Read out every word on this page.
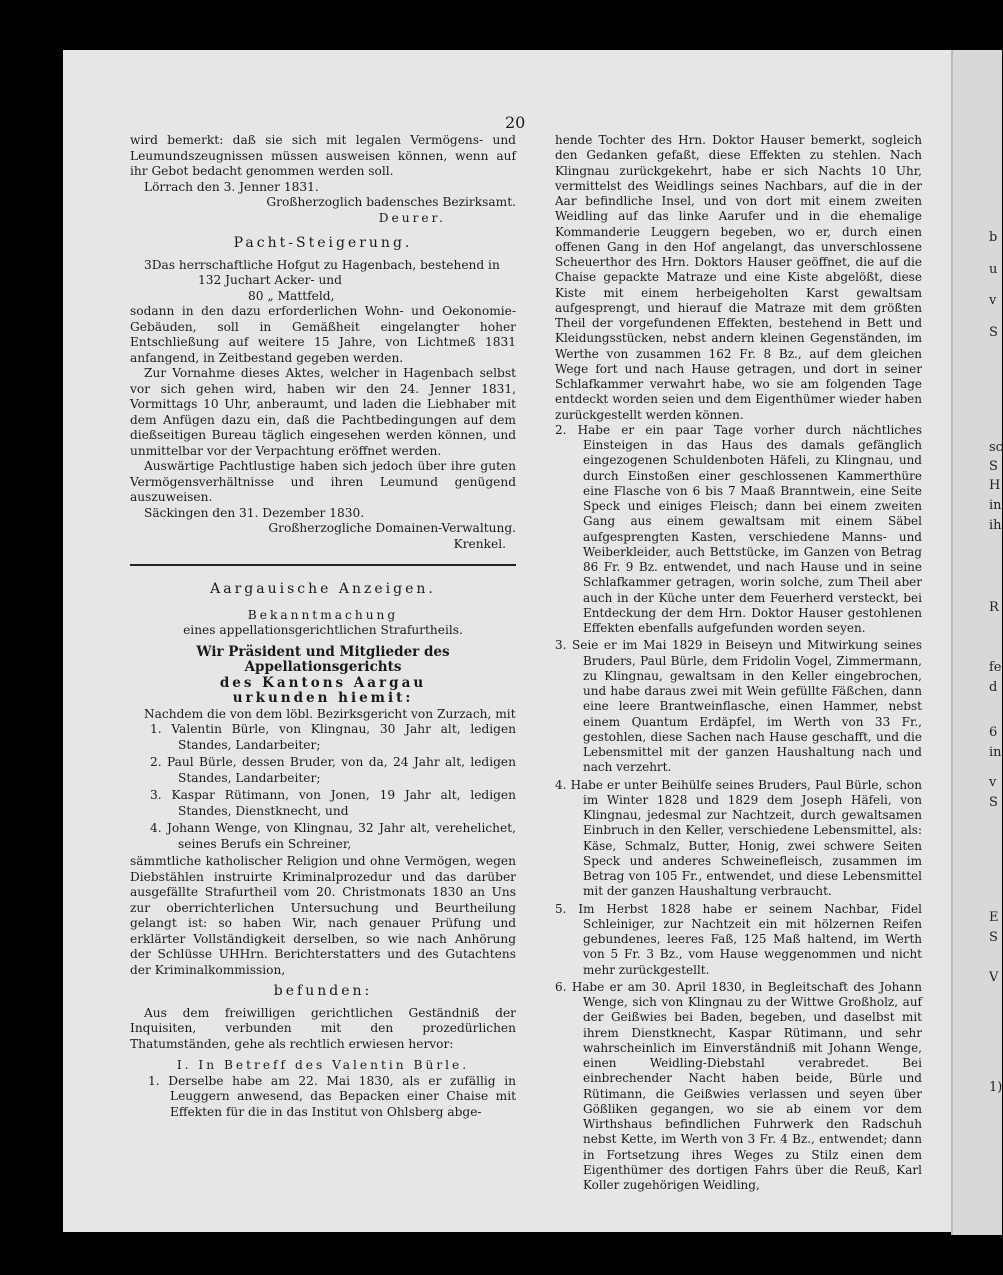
b
u
v
S
sc
S
H
in
ih
R
fe
d
6
in
v
S
E
S
V
1)
20

wird bemerkt: daß sie sich mit legalen Vermögens- und Leumundszeugnissen müssen ausweisen können, wenn auf ihr Gebot bedacht genommen werden soll.

Lörrach den 3. Jenner 1831.

Großherzoglich badensches Bezirksamt.

Deurer.

Pacht-Steigerung.

3Das herrschaftliche Hofgut zu Hagenbach, bestehend in

132 Juchart Acker- und

80 „ Mattfeld,

sodann in den dazu erforderlichen Wohn- und Oekonomie-Gebäuden, soll in Gemäßheit eingelangter hoher Entschließung auf weitere 15 Jahre, von Lichtmeß 1831 anfangend, in Zeitbestand gegeben werden.

Zur Vornahme dieses Aktes, welcher in Hagenbach selbst vor sich gehen wird, haben wir den 24. Jenner 1831, Vormittags 10 Uhr, anberaumt, und laden die Liebhaber mit dem Anfügen dazu ein, daß die Pachtbedingungen auf dem dießseitigen Bureau täglich eingesehen werden können, und unmittelbar vor der Verpachtung eröffnet werden.

Auswärtige Pachtlustige haben sich jedoch über ihre guten Vermögensverhältnisse und ihren Leumund genügend auszuweisen.

Säckingen den 31. Dezember 1830.

Großherzogliche Domainen-Verwaltung.

Krenkel.

Aargauische Anzeigen.

Bekanntmachung

eines appellationsgerichtlichen Strafurtheils.

Wir Präsident und Mitglieder des Appellationsgerichts

des Kantons Aargau

urkunden hiemit:

Nachdem die von dem löbl. Bezirksgericht von Zurzach, mit

1. Valentin Bürle, von Klingnau, 30 Jahr alt, ledigen Standes, Landarbeiter;

2. Paul Bürle, dessen Bruder, von da, 24 Jahr alt, ledigen Standes, Landarbeiter;

3. Kaspar Rütimann, von Jonen, 19 Jahr alt, ledigen Standes, Dienstknecht, und

4. Johann Wenge, von Klingnau, 32 Jahr alt, verehelichet, seines Berufs ein Schreiner,

sämmtliche katholischer Religion und ohne Vermögen, wegen Diebstählen instruirte Kriminalprozedur und das darüber ausgefällte Strafurtheil vom 20. Christmonats 1830 an Uns zur oberrichterlichen Untersuchung und Beurtheilung gelangt ist: so haben Wir, nach genauer Prüfung und erklärter Vollständigkeit derselben, so wie nach Anhörung der Schlüsse UHHrn. Berichterstatters und des Gutachtens der Kriminalkommission,

befunden:

Aus dem freiwilligen gerichtlichen Geständniß der Inquisiten, verbunden mit den prozedürlichen Thatumständen, gehe als rechtlich erwiesen hervor:

I. In Betreff des Valentin Bürle.

1. Derselbe habe am 22. Mai 1830, als er zufällig in Leuggern anwesend, das Bepacken einer Chaise mit Effekten für die in das Institut von Ohlsberg abge-

hende Tochter des Hrn. Doktor Hauser bemerkt, sogleich den Gedanken gefaßt, diese Effekten zu stehlen. Nach Klingnau zurückgekehrt, habe er sich Nachts 10 Uhr, vermittelst des Weidlings seines Nachbars, auf die in der Aar befindliche Insel, und von dort mit einem zweiten Weidling auf das linke Aarufer und in die ehemalige Kommanderie Leuggern begeben, wo er, durch einen offenen Gang in den Hof angelangt, das unverschlossene Scheuerthor des Hrn. Doktors Hauser geöffnet, die auf die Chaise gepackte Matraze und eine Kiste abgelößt, diese Kiste mit einem herbeigeholten Karst gewaltsam aufgesprengt, und hierauf die Matraze mit dem größten Theil der vorgefundenen Effekten, bestehend in Bett und Kleidungsstücken, nebst andern kleinen Gegenständen, im Werthe von zusammen 162 Fr. 8 Bz., auf dem gleichen Wege fort und nach Hause getragen, und dort in seiner Schlafkammer verwahrt habe, wo sie am folgenden Tage entdeckt worden seien und dem Eigenthümer wieder haben zurückgestellt werden können.

2. Habe er ein paar Tage vorher durch nächtliches Einsteigen in das Haus des damals gefänglich eingezogenen Schuldenboten Häfeli, zu Klingnau, und durch Einstoßen einer geschlossenen Kammerthüre eine Flasche von 6 bis 7 Maaß Branntwein, eine Seite Speck und einiges Fleisch; dann bei einem zweiten Gang aus einem gewaltsam mit einem Säbel aufgesprengten Kasten, verschiedene Manns- und Weiberkleider, auch Bettstücke, im Ganzen von Betrag 86 Fr. 9 Bz. entwendet, und nach Hause und in seine Schlafkammer getragen, worin solche, zum Theil aber auch in der Küche unter dem Feuerherd versteckt, bei Entdeckung der dem Hrn. Doktor Hauser gestohlenen Effekten ebenfalls aufgefunden worden seyen.

3. Seie er im Mai 1829 in Beiseyn und Mitwirkung seines Bruders, Paul Bürle, dem Fridolin Vogel, Zimmermann, zu Klingnau, gewaltsam in den Keller eingebrochen, und habe daraus zwei mit Wein gefüllte Fäßchen, dann eine leere Brantweinflasche, einen Hammer, nebst einem Quantum Erdäpfel, im Werth von 33 Fr., gestohlen, diese Sachen nach Hause geschafft, und die Lebensmittel mit der ganzen Haushaltung nach und nach verzehrt.

4. Habe er unter Beihülfe seines Bruders, Paul Bürle, schon im Winter 1828 und 1829 dem Joseph Häfeli, von Klingnau, jedesmal zur Nachtzeit, durch gewaltsamen Einbruch in den Keller, verschiedene Lebensmittel, als: Käse, Schmalz, Butter, Honig, zwei schwere Seiten Speck und anderes Schweinefleisch, zusammen im Betrag von 105 Fr., entwendet, und diese Lebensmittel mit der ganzen Haushaltung verbraucht.

5. Im Herbst 1828 habe er seinem Nachbar, Fidel Schleiniger, zur Nachtzeit ein mit hölzernen Reifen gebundenes, leeres Faß, 125 Maß haltend, im Werth von 5 Fr. 3 Bz., vom Hause weggenommen und nicht mehr zurückgestellt.

6. Habe er am 30. April 1830, in Begleitschaft des Johann Wenge, sich von Klingnau zu der Wittwe Großholz, auf der Geißwies bei Baden, begeben, und daselbst mit ihrem Dienstknecht, Kaspar Rütimann, und sehr wahrscheinlich im Einverständniß mit Johann Wenge, einen Weidling-Diebstahl verabredet. Bei einbrechender Nacht haben beide, Bürle und Rütimann, die Geißwies verlassen und seyen über Gößliken gegangen, wo sie ab einem vor dem Wirthshaus befindlichen Fuhrwerk den Radschuh nebst Kette, im Werth von 3 Fr. 4 Bz., entwendet; dann in Fortsetzung ihres Weges zu Stilz einen dem Eigenthümer des dortigen Fahrs über die Reuß, Karl Koller zugehörigen Weidling,
